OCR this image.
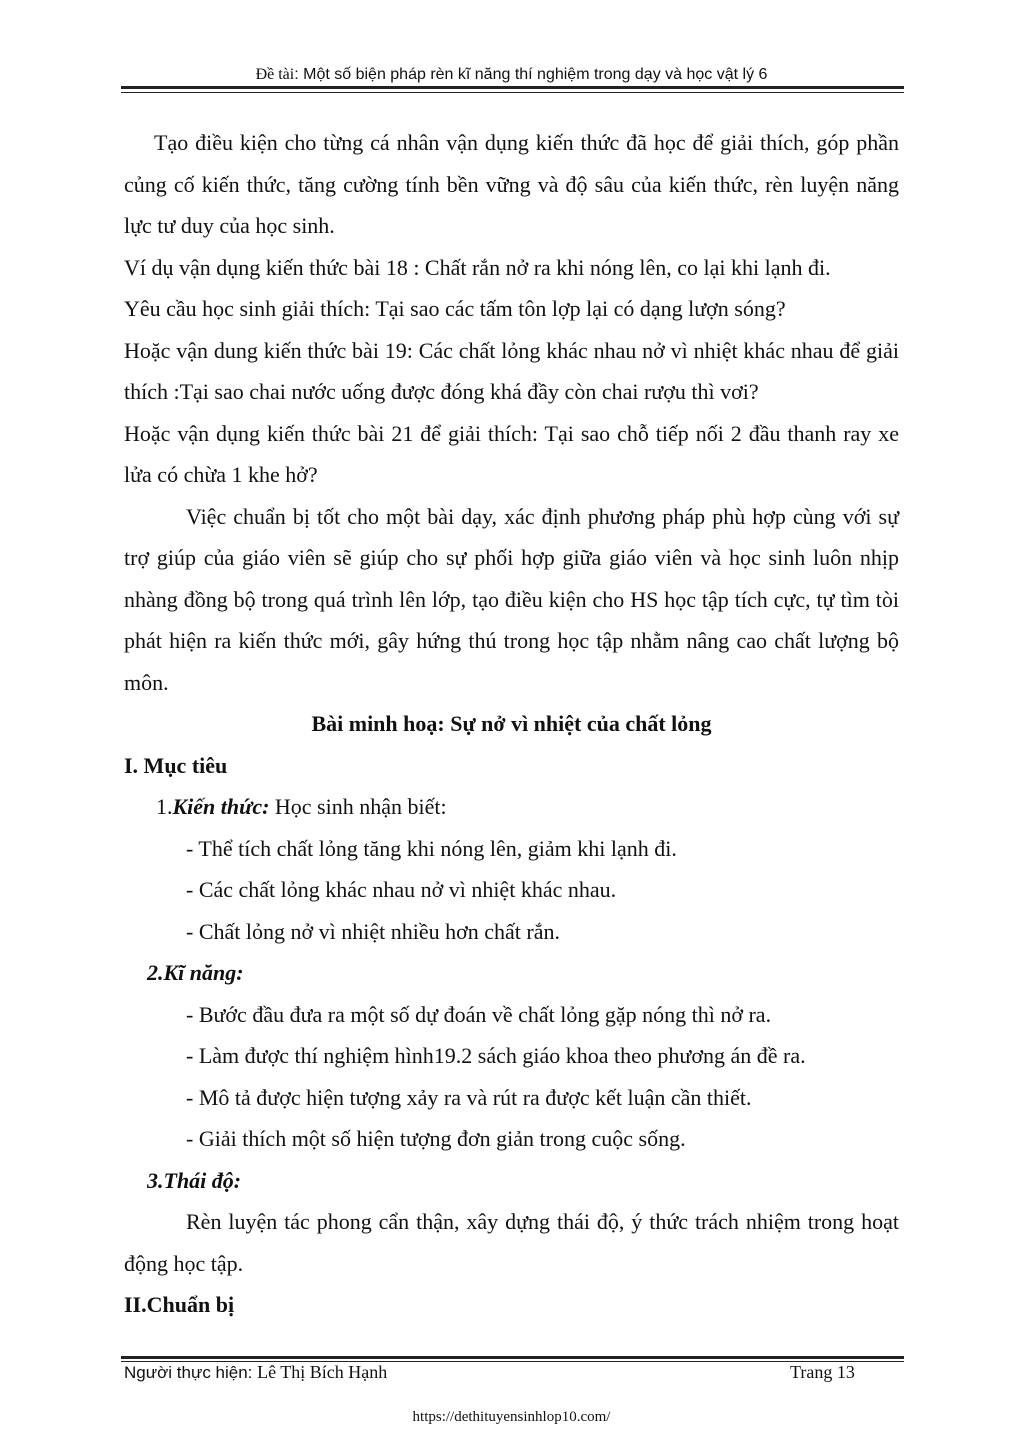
Đề tài: Một số biện pháp rèn kĩ năng thí nghiệm trong dạy và học vật lý 6

Tạo điều kiện cho từng cá nhân vận dụng kiến thức đã học để giải thích, góp phần củng cố kiến thức, tăng cường tính bền vững và độ sâu của kiến thức, rèn luyện năng lực tư duy của học sinh.

Ví dụ vận dụng kiến thức bài 18 : Chất rắn nở ra khi nóng lên, co lại khi lạnh đi.

Yêu cầu học sinh giải thích: Tại sao các tấm tôn lợp lại có dạng lượn sóng?

Hoặc vận dung kiến thức bài 19: Các chất lỏng khác nhau nở vì nhiệt khác nhau để giải thích :Tại sao chai nước uống được đóng khá đầy còn chai rượu thì vơi?

Hoặc vận dụng kiến thức bài 21 để giải thích: Tại sao chỗ tiếp nối 2 đầu thanh ray xe lửa có chừa 1 khe hở?

Việc chuẩn bị tốt cho một bài dạy, xác định phương pháp phù hợp cùng với sự trợ giúp của giáo viên sẽ giúp cho sự phối hợp giữa giáo viên và học sinh luôn nhịp nhàng đồng bộ trong quá trình lên lớp, tạo điều kiện cho HS học tập tích cực, tự tìm tòi phát hiện ra kiến thức mới, gây hứng thú trong học tập nhằm nâng cao chất lượng bộ môn.

Bài minh hoạ: Sự nở vì nhiệt của chất lỏng

I. Mục tiêu

1.Kiến thức: Học sinh nhận biết:

- Thể tích chất lỏng tăng khi nóng lên, giảm khi lạnh đi.

- Các chất lỏng khác nhau nở vì nhiệt khác nhau.

- Chất lỏng nở vì nhiệt nhiều hơn chất rắn.

2.Kĩ năng:

- Bước đầu đưa ra một số dự đoán về chất lỏng gặp nóng thì nở ra.

- Làm được thí nghiệm hình19.2 sách giáo khoa theo phương án đề ra.

- Mô tả được hiện tượng xảy ra và rút ra được kết luận cần thiết.

- Giải thích một số hiện tượng đơn giản trong cuộc sống.

3.Thái độ:

Rèn luyện tác phong cẩn thận, xây dựng thái độ, ý thức trách nhiệm trong hoạt động học tập.

II.Chuẩn bị

Người thực hiện: Lê Thị Bích Hạnh	Trang 13
https://dethituyensinhlop10.com/
